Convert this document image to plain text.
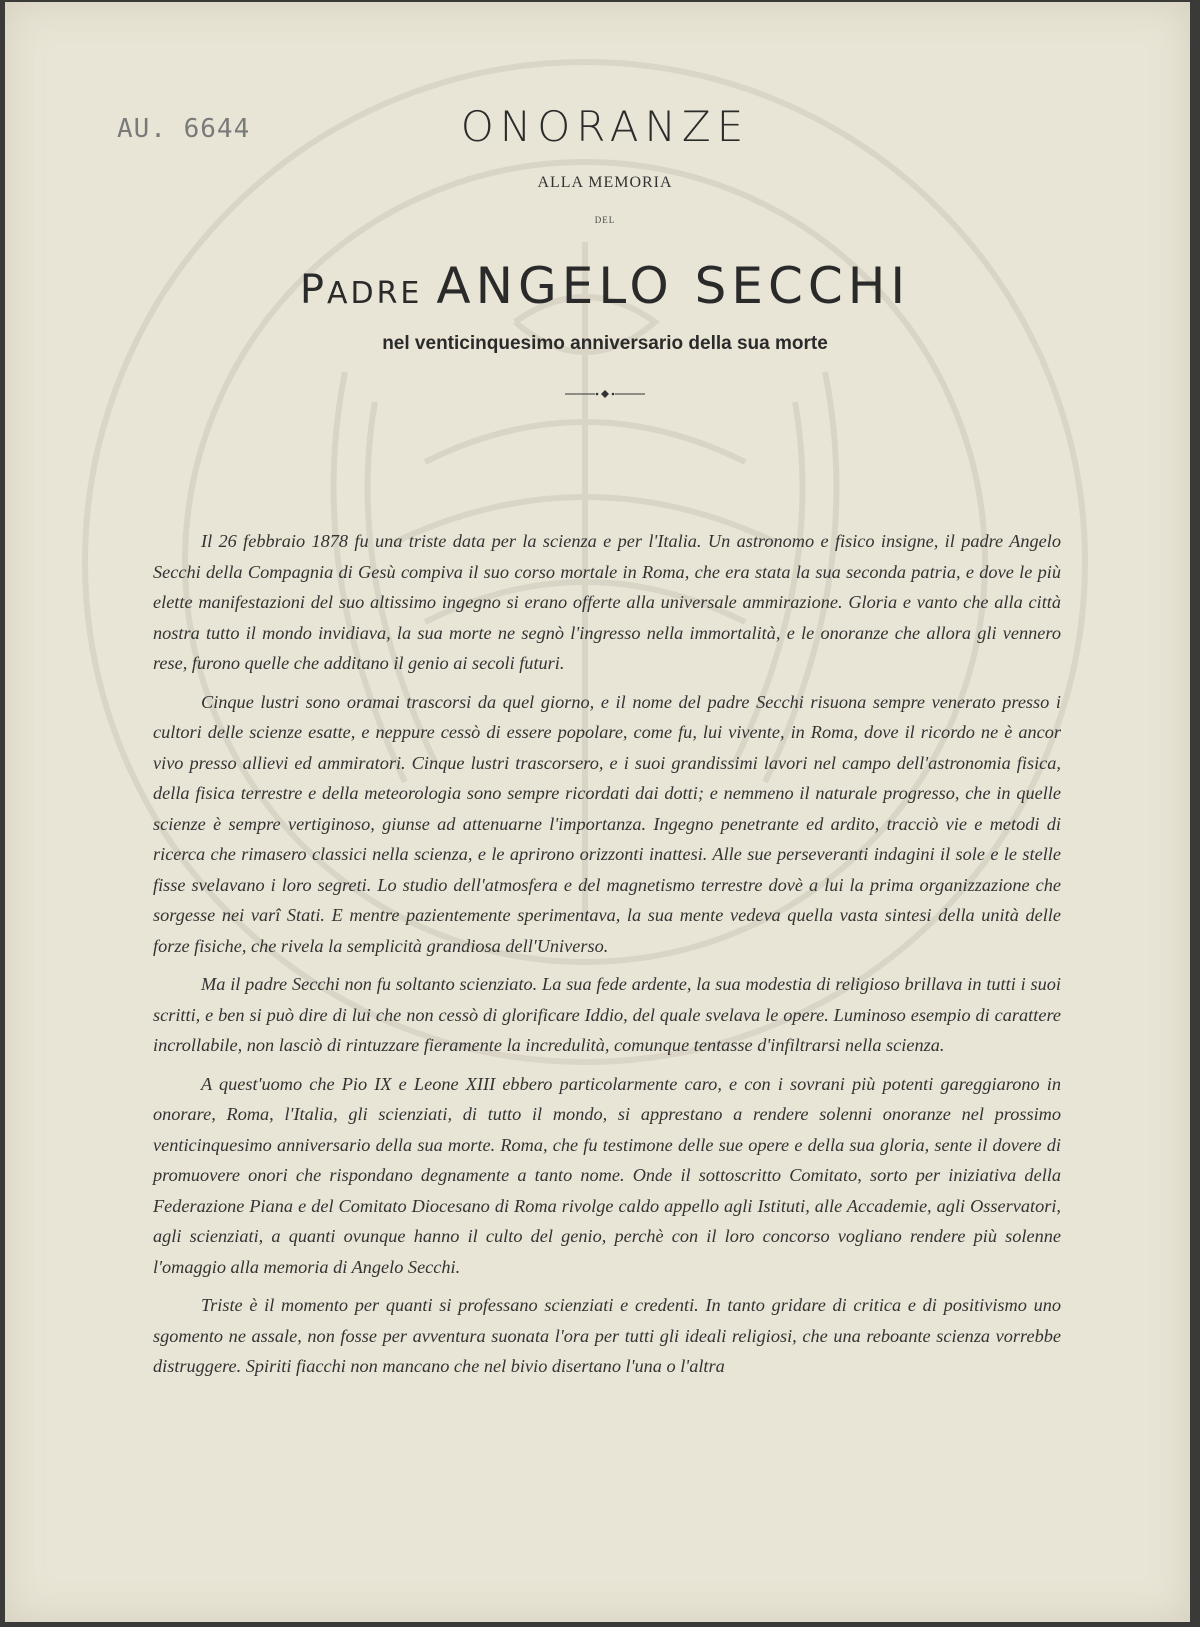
AU. 6644	ONORANZE
ALLA MEMORIA
DEL
PADRE ANGELO SECCHI
nel venticinquesimo anniversario della sua morte

Il 26 febbraio 1878 fu una triste data per la scienza e per l'Italia. Un astronomo e fisico insigne, il padre Angelo Secchi della Compagnia di Gesù compiva il suo corso mortale in Roma, che era stata la sua seconda patria, e dove le più elette manifestazioni del suo altissimo ingegno si erano offerte alla universale ammirazione. Gloria e vanto che alla città nostra tutto il mondo invidiava, la sua morte ne segnò l'ingresso nella immortalità, e le onoranze che allora gli vennero rese, furono quelle che additano il genio ai secoli futuri.

Cinque lustri sono oramai trascorsi da quel giorno, e il nome del padre Secchi risuona sempre venerato presso i cultori delle scienze esatte, e neppure cessò di essere popolare, come fu, lui vivente, in Roma, dove il ricordo ne è ancor vivo presso allievi ed ammiratori. Cinque lustri trascorsero, e i suoi grandissimi lavori nel campo dell'astronomia fisica, della fisica terrestre e della meteorologia sono sempre ricordati dai dotti; e nemmeno il naturale progresso, che in quelle scienze è sempre vertiginoso, giunse ad attenuarne l'importanza. Ingegno penetrante ed ardito, tracciò vie e metodi di ricerca che rimasero classici nella scienza, e le aprirono orizzonti inattesi. Alle sue perseveranti indagini il sole e le stelle fisse svelavano i loro segreti. Lo studio dell'atmosfera e del magnetismo terrestre dovè a lui la prima organizzazione che sorgesse nei varî Stati. E mentre pazientemente sperimentava, la sua mente vedeva quella vasta sintesi della unità delle forze fisiche, che rivela la semplicità grandiosa dell'Universo.

Ma il padre Secchi non fu soltanto scienziato. La sua fede ardente, la sua modestia di religioso brillava in tutti i suoi scritti, e ben si può dire di lui che non cessò di glorificare Iddio, del quale svelava le opere. Luminoso esempio di carattere incrollabile, non lasciò di rintuzzare fieramente la incredulità, comunque tentasse d'infiltrarsi nella scienza.

A quest'uomo che Pio IX e Leone XIII ebbero particolarmente caro, e con i sovrani più potenti gareggiarono in onorare, Roma, l'Italia, gli scienziati, di tutto il mondo, si apprestano a rendere solenni onoranze nel prossimo venticinquesimo anniversario della sua morte. Roma, che fu testimone delle sue opere e della sua gloria, sente il dovere di promuovere onori che rispondano degnamente a tanto nome. Onde il sottoscritto Comitato, sorto per iniziativa della Federazione Piana e del Comitato Diocesano di Roma rivolge caldo appello agli Istituti, alle Accademie, agli Osservatori, agli scienziati, a quanti ovunque hanno il culto del genio, perchè con il loro concorso vogliano rendere più solenne l'omaggio alla memoria di Angelo Secchi.

Triste è il momento per quanti si professano scienziati e credenti. In tanto gridare di critica e di positivismo uno sgomento ne assale, non fosse per avventura suonata l'ora per tutti gli ideali religiosi, che una reboante scienza vorrebbe distruggere. Spiriti fiacchi non mancano che nel bivio disertano l'una o l'altra
